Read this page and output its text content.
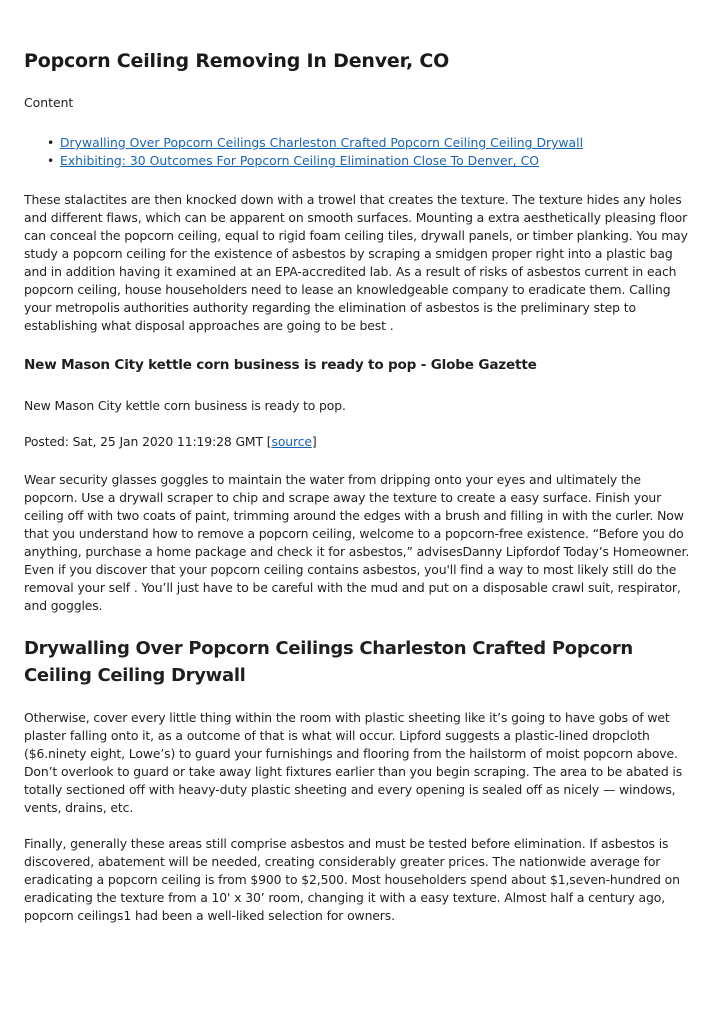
Popcorn Ceiling Removing In Denver, CO
Content
• Drywalling Over Popcorn Ceilings Charleston Crafted Popcorn Ceiling Ceiling Drywall
• Exhibiting: 30 Outcomes For Popcorn Ceiling Elimination Close To Denver, CO

These stalactites are then knocked down with a trowel that creates the texture. The texture hides any holes and different flaws, which can be apparent on smooth surfaces. Mounting a extra aesthetically pleasing floor can conceal the popcorn ceiling, equal to rigid foam ceiling tiles, drywall panels, or timber planking. You may study a popcorn ceiling for the existence of asbestos by scraping a smidgen proper right into a plastic bag and in addition having it examined at an EPA-accredited lab. As a result of risks of asbestos current in each popcorn ceiling, house householders need to lease an knowledgeable company to eradicate them. Calling your metropolis authorities authority regarding the elimination of asbestos is the preliminary step to establishing what disposal approaches are going to be best .

New Mason City kettle corn business is ready to pop - Globe Gazette

New Mason City kettle corn business is ready to pop.

Posted: Sat, 25 Jan 2020 11:19:28 GMT [source]

Wear security glasses goggles to maintain the water from dripping onto your eyes and ultimately the popcorn. Use a drywall scraper to chip and scrape away the texture to create a easy surface. Finish your ceiling off with two coats of paint, trimming around the edges with a brush and filling in with the curler. Now that you understand how to remove a popcorn ceiling, welcome to a popcorn-free existence. “Before you do anything, purchase a home package and check it for asbestos,” advisesDanny Lipfordof Today’s Homeowner. Even if you discover that your popcorn ceiling contains asbestos, you'll find a way to most likely still do the removal your self . You’ll just have to be careful with the mud and put on a disposable crawl suit, respirator, and goggles.

Drywalling Over Popcorn Ceilings Charleston Crafted Popcorn Ceiling Ceiling Drywall

Otherwise, cover every little thing within the room with plastic sheeting like it’s going to have gobs of wet plaster falling onto it, as a outcome of that is what will occur. Lipford suggests a plastic-lined dropcloth ($6.ninety eight, Lowe’s) to guard your furnishings and flooring from the hailstorm of moist popcorn above. Don’t overlook to guard or take away light fixtures earlier than you begin scraping. The area to be abated is totally sectioned off with heavy-duty plastic sheeting and every opening is sealed off as nicely — windows, vents, drains, etc.

Finally, generally these areas still comprise asbestos and must be tested before elimination. If asbestos is discovered, abatement will be needed, creating considerably greater prices. The nationwide average for eradicating a popcorn ceiling is from $900 to $2,500. Most householders spend about $1,seven-hundred on eradicating the texture from a 10' x 30’ room, changing it with a easy texture. Almost half a century ago, popcorn ceilings1 had been a well-liked selection for owners.
